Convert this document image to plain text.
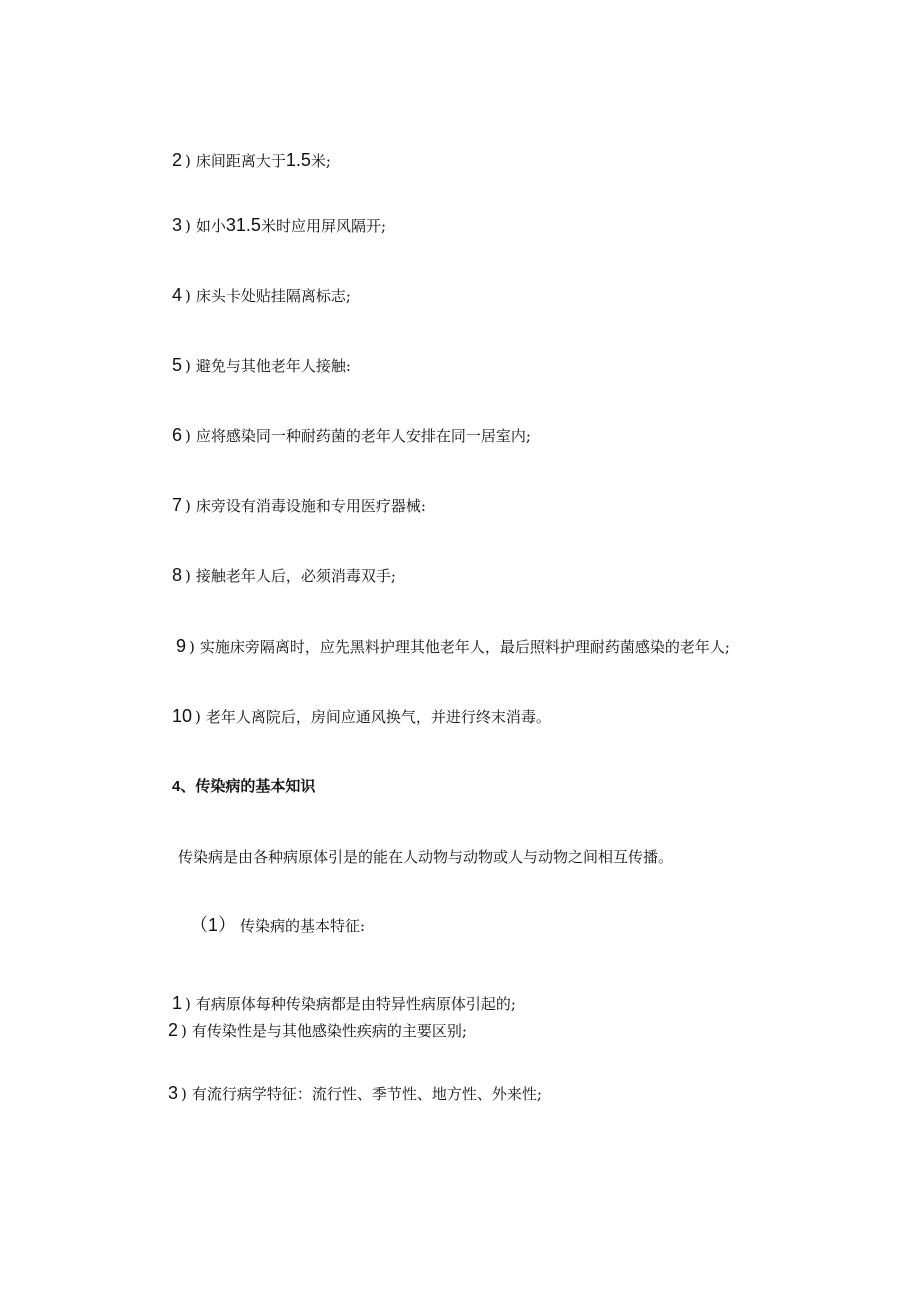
2 ) 床间距离大于1.5米;
3 ) 如小31.5米时应用屏风隔开;
4 ) 床头卡处贴挂隔离标志;
5 ) 避免与其他老年人接触:
6 ) 应将感染同一种耐药菌的老年人安排在同一居室内;
7 ) 床旁设有消毒设施和专用医疗器械:
8 ) 接触老年人后，必须消毒双手;
9 ) 实施床旁隔离时，应先黑料护理其他老年人，最后照料护理耐药菌感染的老年人;
10 ) 老年人离院后，房间应通风换气，并进行终末消毒。
4、传染病的基本知识
传染病是由各种病原体引是的能在人动物与动物或人与动物之间相互传播。
（1） 传染病的基本特征:
1 ) 有病原体每种传染病都是由特异性病原体引起的;
2 ) 有传染性是与其他感染性疾病的主要区别;
3 ) 有流行病学特征：流行性、季节性、地方性、外来性;
